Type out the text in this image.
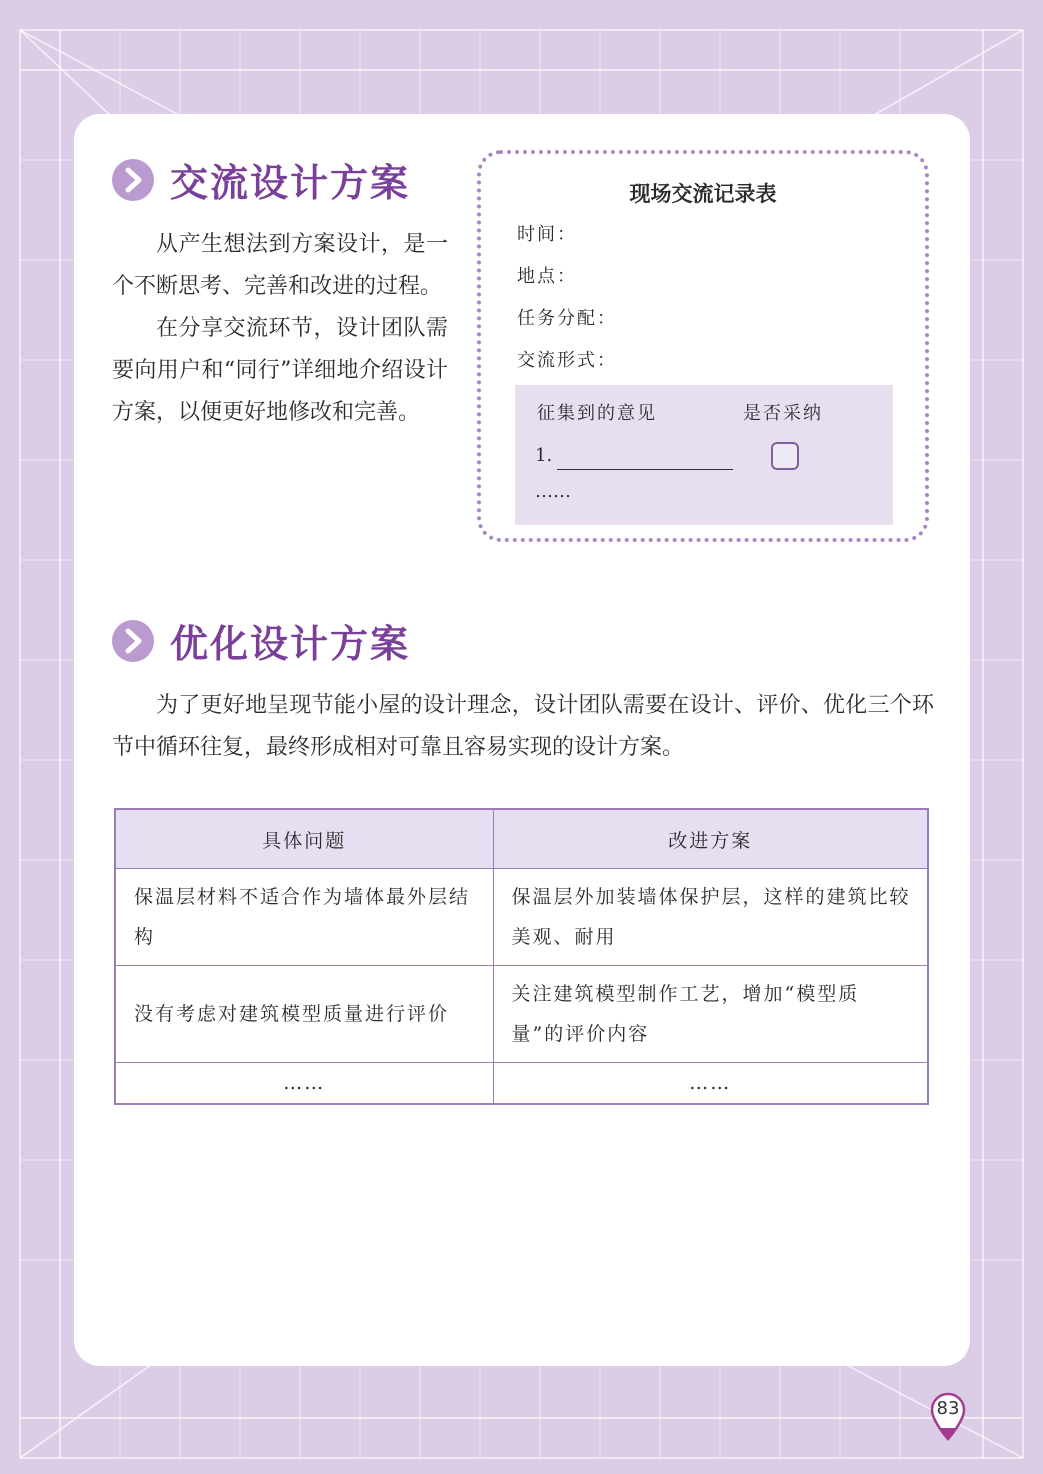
交流设计方案

从产生想法到方案设计，是一个不断思考、完善和改进的过程。

在分享交流环节，设计团队需要向用户和“同行”详细地介绍设计方案，以便更好地修改和完善。

现场交流记录表
时间：
地点：
任务分配：
交流形式：
征集到的意见	是否采纳
1.
……
优化设计方案

为了更好地呈现节能小屋的设计理念，设计团队需要在设计、评价、优化三个环节中循环往复，最终形成相对可靠且容易实现的设计方案。

具体问题	改进方案
保温层材料不适合作为墙体最外层结构	保温层外加装墙体保护层，这样的建筑比较美观、耐用
没有考虑对建筑模型质量进行评价	关注建筑模型制作工艺，增加“模型质量”的评价内容
……	……
83
